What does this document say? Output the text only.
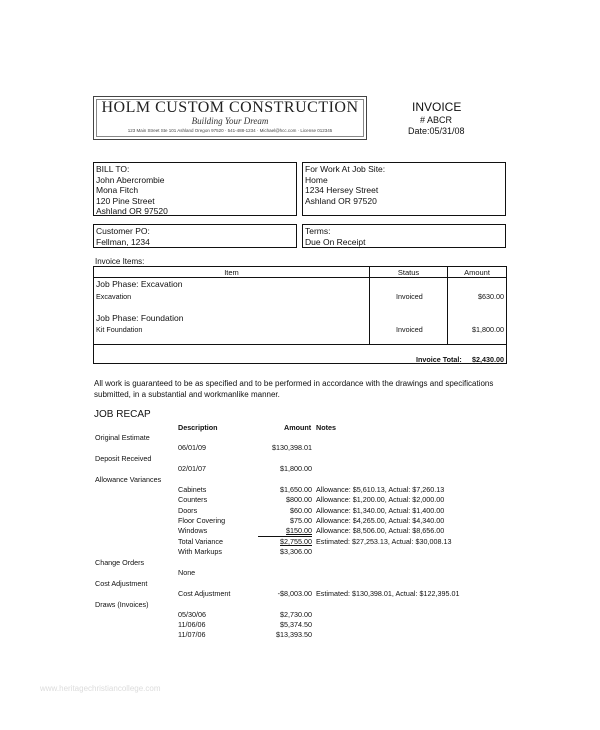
HOLM CUSTOM CONSTRUCTION
Building Your Dream
123 Main Street Ste 101 Ashland Oregon 97520 · 541-488-1234 · Michael@hcc.com · License 012345
INVOICE
# ABCR
Date:05/31/08
BILL TO:
John Abercrombie
Mona Fitch
120 Pine Street
Ashland OR 97520
For Work At Job Site:
Home
1234 Hersey Street
Ashland OR 97520
Customer PO:
Fellman, 1234
Terms:
Due On Receipt
Invoice Items:
Item	Status	Amount
Job Phase: Excavation
Excavation	Invoiced	$630.00
Job Phase: Foundation
Kit Foundation	Invoiced	$1,800.00
Invoice Total:	$2,430.00
All work is guaranteed to be as specified and to be performed in accordance with the drawings and specifications submitted, in a substantial and workmanlike manner.
JOB RECAP
Description	Amount Notes
Original Estimate
06/01/09	$130,398.01
Deposit Received
02/01/07	$1,800.00
Allowance Variances
Cabinets	$1,650.00 Allowance: $5,610.13, Actual: $7,260.13
Counters	$800.00 Allowance: $1,200.00, Actual: $2,000.00
Doors	$60.00 Allowance: $1,340.00, Actual: $1,400.00
Floor Covering	$75.00 Allowance: $4,265.00, Actual: $4,340.00
Windows	$150.00 Allowance: $8,506.00, Actual: $8,656.00
Total Variance	$2,755.00 Estimated: $27,253.13, Actual: $30,008.13
With Markups	$3,306.00
Change Orders
None
Cost Adjustment
Cost Adjustment	-$8,003.00 Estimated: $130,398.01, Actual: $122,395.01
Draws (Invoices)
05/30/06	$2,730.00
11/06/06	$5,374.50
11/07/06	$13,393.50
www.heritagechristiancollege.com
